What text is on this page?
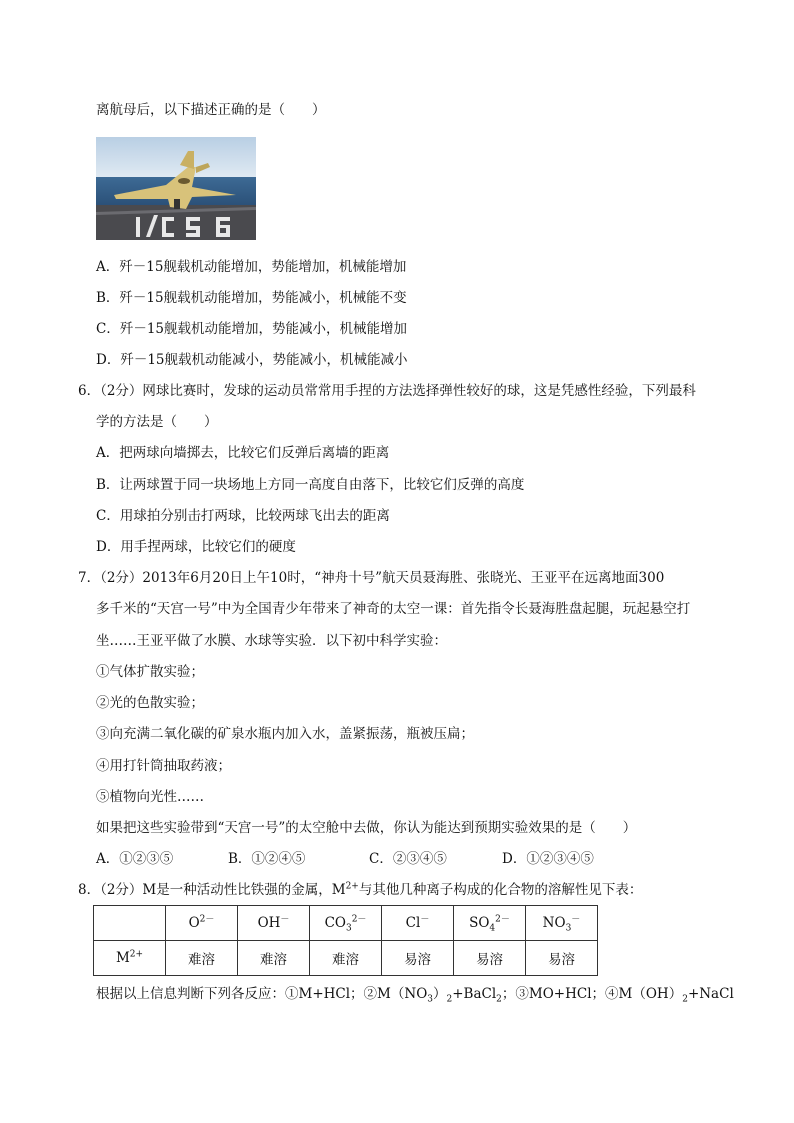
离航母后，以下描述正确的是（　　）
A．歼－15舰载机动能增加，势能增加，机械能增加
B．歼－15舰载机动能增加，势能减小，机械能不变
C．歼－15舰载机动能增加，势能减小，机械能增加
D．歼－15舰载机动能减小，势能减小，机械能减小
6．（2分）网球比赛时，发球的运动员常常用手捏的方法选择弹性较好的球，这是凭感性经验，下列最科
学的方法是（　　）
A．把两球向墙掷去，比较它们反弹后离墙的距离
B．让两球置于同一块场地上方同一高度自由落下，比较它们反弹的高度
C．用球拍分别击打两球，比较两球飞出去的距离
D．用手捏两球，比较它们的硬度
7．（2分）2013年6月20日上午10时，“神舟十号”航天员聂海胜、张晓光、王亚平在远离地面300
多千米的“天宫一号”中为全国青少年带来了神奇的太空一课：首先指令长聂海胜盘起腿，玩起悬空打
坐……王亚平做了水膜、水球等实验．以下初中科学实验：
①气体扩散实验；
②光的色散实验；
③向充满二氧化碳的矿泉水瓶内加入水，盖紧振荡，瓶被压扁；
④用打针筒抽取药液；
⑤植物向光性……
如果把这些实验带到“天宫一号”的太空舱中去做，你认为能达到预期实验效果的是（　　）
A．①②③⑤	B．①②④⑤	C．②③④⑤	D．①②③④⑤
8．（2分）M是一种活动性比铁强的金属，$M^{2+}$与其他几种离子构成的化合物的溶解性见下表：
	$O^{2-}$	OH－	$CO_3^{2-}$	Cl－	$SO_4^{2-}$	$NO_3^-$
$M^{2+}$	难溶	难溶	难溶	易溶	易溶	易溶
根据以上信息判断下列各反应：①M+HCl；$②M(NO_3)_2+BaCl_2$；③MO+HCl；$④M(OH)_2+NaCl$
